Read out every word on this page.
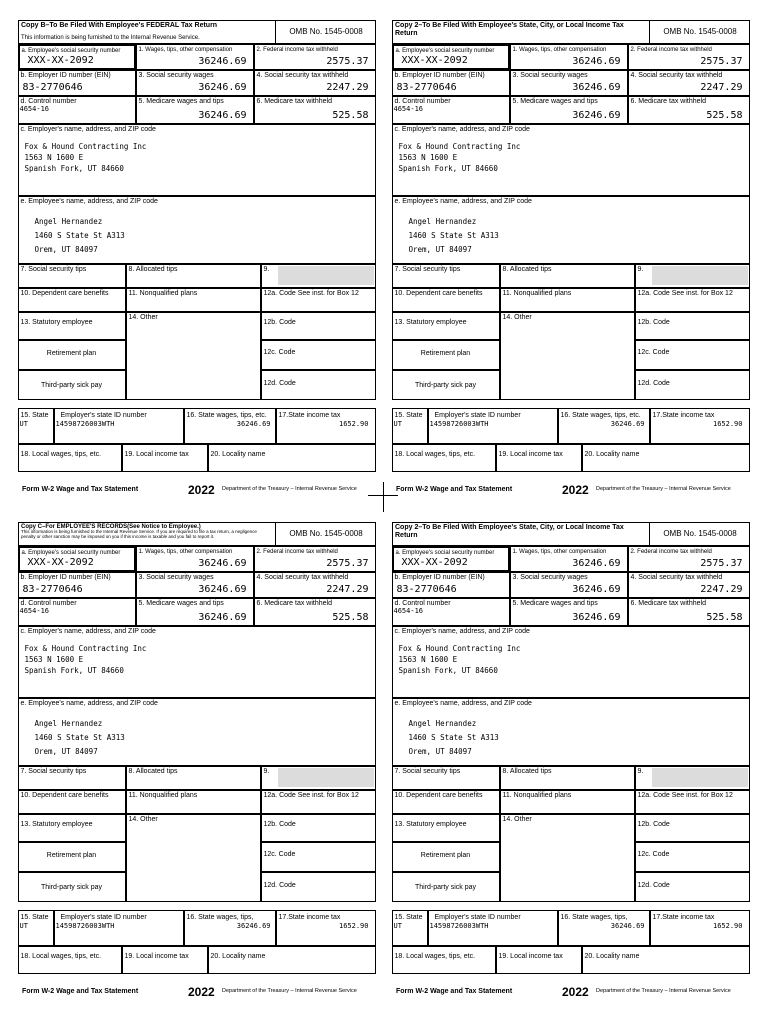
Copy B–To Be Filed With Employee's FEDERAL Tax Return
This information is being furnished to the Internal Revenue Service.
OMB No. 1545-0008
a. Employee's social security number
XXX-XX-2092
1. Wages, tips, other compensation
36246.69
2. Federal income tax withheld
2575.37
b. Employer ID number (EIN)
83-2770646
3. Social security wages
36246.69
4. Social security tax withheld
2247.29
d. Control number
4654-16
5. Medicare wages and tips
36246.69
6. Medicare tax withheld
525.58
c. Employer's name, address, and ZIP code
Fox & Hound Contracting Inc
1563 N 1600 E
Spanish Fork, UT 84660
e. Employee's name, address, and ZIP code
Angel Hernandez
1460 S State St A313
Orem, UT 84097
7. Social security tips	8. Allocated tips	9.
10. Dependent care benefits	11. Nonqualified plans	12a. Code See inst. for Box 12
13. Statutory employee
14. Other
12b. Code
Retirement plan	12c. Code
Third-party sick pay	12d. Code
15. State
UT
Employer's state ID number
14598726003WTH
16. State wages, tips, etc.
36246.69
17.State income tax
1652.90
18. Local wages, tips, etc.	19. Local income tax	20. Locality name
Form W-2 Wage and Tax Statement	2022 Department of the Treasury – Internal Revenue Service
Copy 2–To Be Filed With Employee's State, City, or Local Income Tax Return	OMB No. 1545-0008
a. Employee's social security number
XXX-XX-2092
1. Wages, tips, other compensation
36246.69
2. Federal income tax withheld
2575.37
b. Employer ID number (EIN)
83-2770646
3. Social security wages
36246.69
4. Social security tax withheld
2247.29
d. Control number
4654-16
5. Medicare wages and tips
36246.69
6. Medicare tax withheld
525.58
c. Employer's name, address, and ZIP code
Fox & Hound Contracting Inc
1563 N 1600 E
Spanish Fork, UT 84660
e. Employee's name, address, and ZIP code
Angel Hernandez
1460 S State St A313
Orem, UT 84097
7. Social security tips	8. Allocated tips	9.
10. Dependent care benefits	11. Nonqualified plans	12a. Code See inst. for Box 12
13. Statutory employee
14. Other
12b. Code
Retirement plan	12c. Code
Third-party sick pay	12d. Code
15. State
UT
Employer's state ID number
14598726003WTH
16. State wages, tips, etc.
36246.69
17.State income tax
1652.90
18. Local wages, tips, etc.	19. Local income tax	20. Locality name
Form W-2 Wage and Tax Statement	2022 Department of the Treasury – Internal Revenue Service
Copy C–For EMPLOYEE'S RECORDS(See Notice to Employee.)
This information is being furnished to the Internal Revenue Service. If you are required to file a tax return, a negligence penalty or other sanction may be imposed on you if this income is taxable and you fail to report it.	OMB No. 1545-0008
a. Employee's social security number
XXX-XX-2092
1. Wages, tips, other compensation
36246.69
2. Federal income tax withheld
2575.37
b. Employer ID number (EIN)
83-2770646
3. Social security wages
36246.69
4. Social security tax withheld
2247.29
d. Control number
4654-16
5. Medicare wages and tips
36246.69
6. Medicare tax withheld
525.58
c. Employer's name, address, and ZIP code
Fox & Hound Contracting Inc
1563 N 1600 E
Spanish Fork, UT 84660
e. Employee's name, address, and ZIP code
Angel Hernandez
1460 S State St A313
Orem, UT 84097
7. Social security tips	8. Allocated tips	9.
10. Dependent care benefits	11. Nonqualified plans	12a. Code See inst. for Box 12
13. Statutory employee
14. Other
12b. Code
Retirement plan	12c. Code
Third-party sick pay	12d. Code
15. State
UT
Employer's state ID number
14598726003WTH
16. State wages, tips,
36246.69
17.State income tax
1652.90
18. Local wages, tips, etc.	19. Local income tax	20. Locality name
Form W-2 Wage and Tax Statement	2022 Department of the Treasury – Internal Revenue Service
Copy 2–To Be Filed With Employee's State, City, or Local Income Tax Return	OMB No. 1545-0008
a. Employee's social security number
XXX-XX-2092
1. Wages, tips, other compensation
36246.69
2. Federal income tax withheld
2575.37
b. Employer ID number (EIN)
83-2770646
3. Social security wages
36246.69
4. Social security tax withheld
2247.29
d. Control number
4654-16
5. Medicare wages and tips
36246.69
6. Medicare tax withheld
525.58
c. Employer's name, address, and ZIP code
Fox & Hound Contracting Inc
1563 N 1600 E
Spanish Fork, UT 84660
e. Employee's name, address, and ZIP code
Angel Hernandez
1460 S State St A313
Orem, UT 84097
7. Social security tips	8. Allocated tips	9.
10. Dependent care benefits	11. Nonqualified plans	12a. Code See inst. for Box 12
13. Statutory employee
14. Other
12b. Code
Retirement plan	12c. Code
Third-party sick pay	12d. Code
15. State
UT
Employer's state ID number
14598726003WTH
16. State wages, tips,
36246.69
17.State income tax
1652.90
18. Local wages, tips, etc.	19. Local income tax	20. Locality name
Form W-2 Wage and Tax Statement	2022 Department of the Treasury – Internal Revenue Service
